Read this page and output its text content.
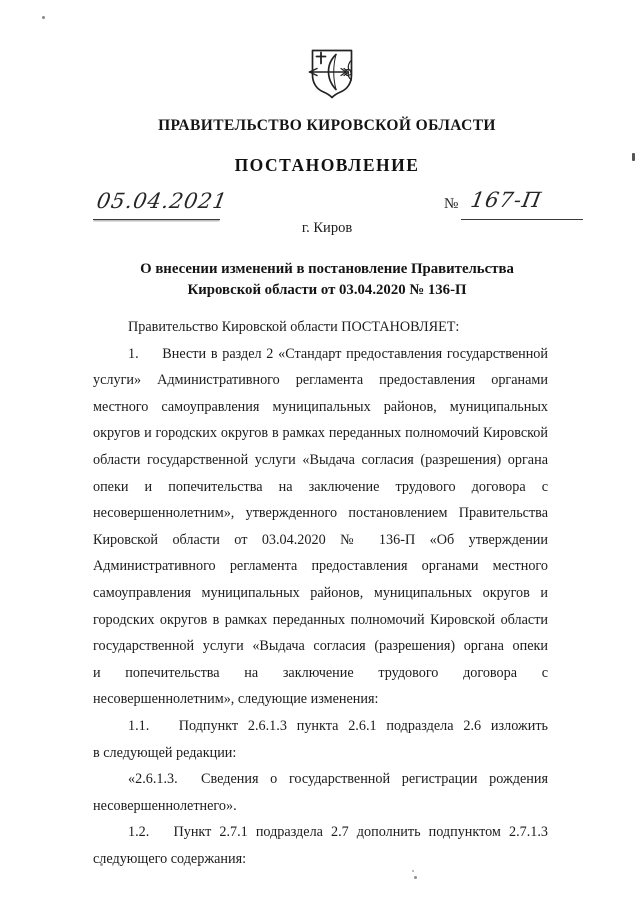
ПРАВИТЕЛЬСТВО КИРОВСКОЙ ОБЛАСТИ
ПОСТАНОВЛЕНИЕ
05.04.2021	№ 167-П
г. Киров
О внесении изменений в постановление Правительства
Кировской области от 03.04.2020 № 136-П

Правительство Кировской области ПОСТАНОВЛЯЕТ:

1.     Внести в раздел 2 «Стандарт предоставления государственной услуги» Административного регламента предоставления органами местного самоуправления муниципальных районов, муниципальных округов и городских округов в рамках переданных полномочий Кировской области государственной услуги «Выдача согласия (разрешения) органа опеки и попечительства на заключение трудового договора с несовершеннолетним», утвержденного постановлением Правительства Кировской области от 03.04.2020 № 136-П «Об утверждении Административного регламента предоставления органами местного самоуправления муниципальных районов, муниципальных округов и городских округов в рамках переданных полномочий Кировской области государственной услуги «Выдача согласия (разрешения) органа опеки и попечительства на заключение трудового договора с несовершеннолетним», следующие изменения:

1.1.   Подпункт 2.6.1.3 пункта 2.6.1 подраздела 2.6 изложить в следующей редакции:

«2.6.1.3.  Сведения о государственной регистрации рождения несовершеннолетнего».

1.2.   Пункт 2.7.1 подраздела 2.7 дополнить подпунктом 2.7.1.3 следующего содержания:
